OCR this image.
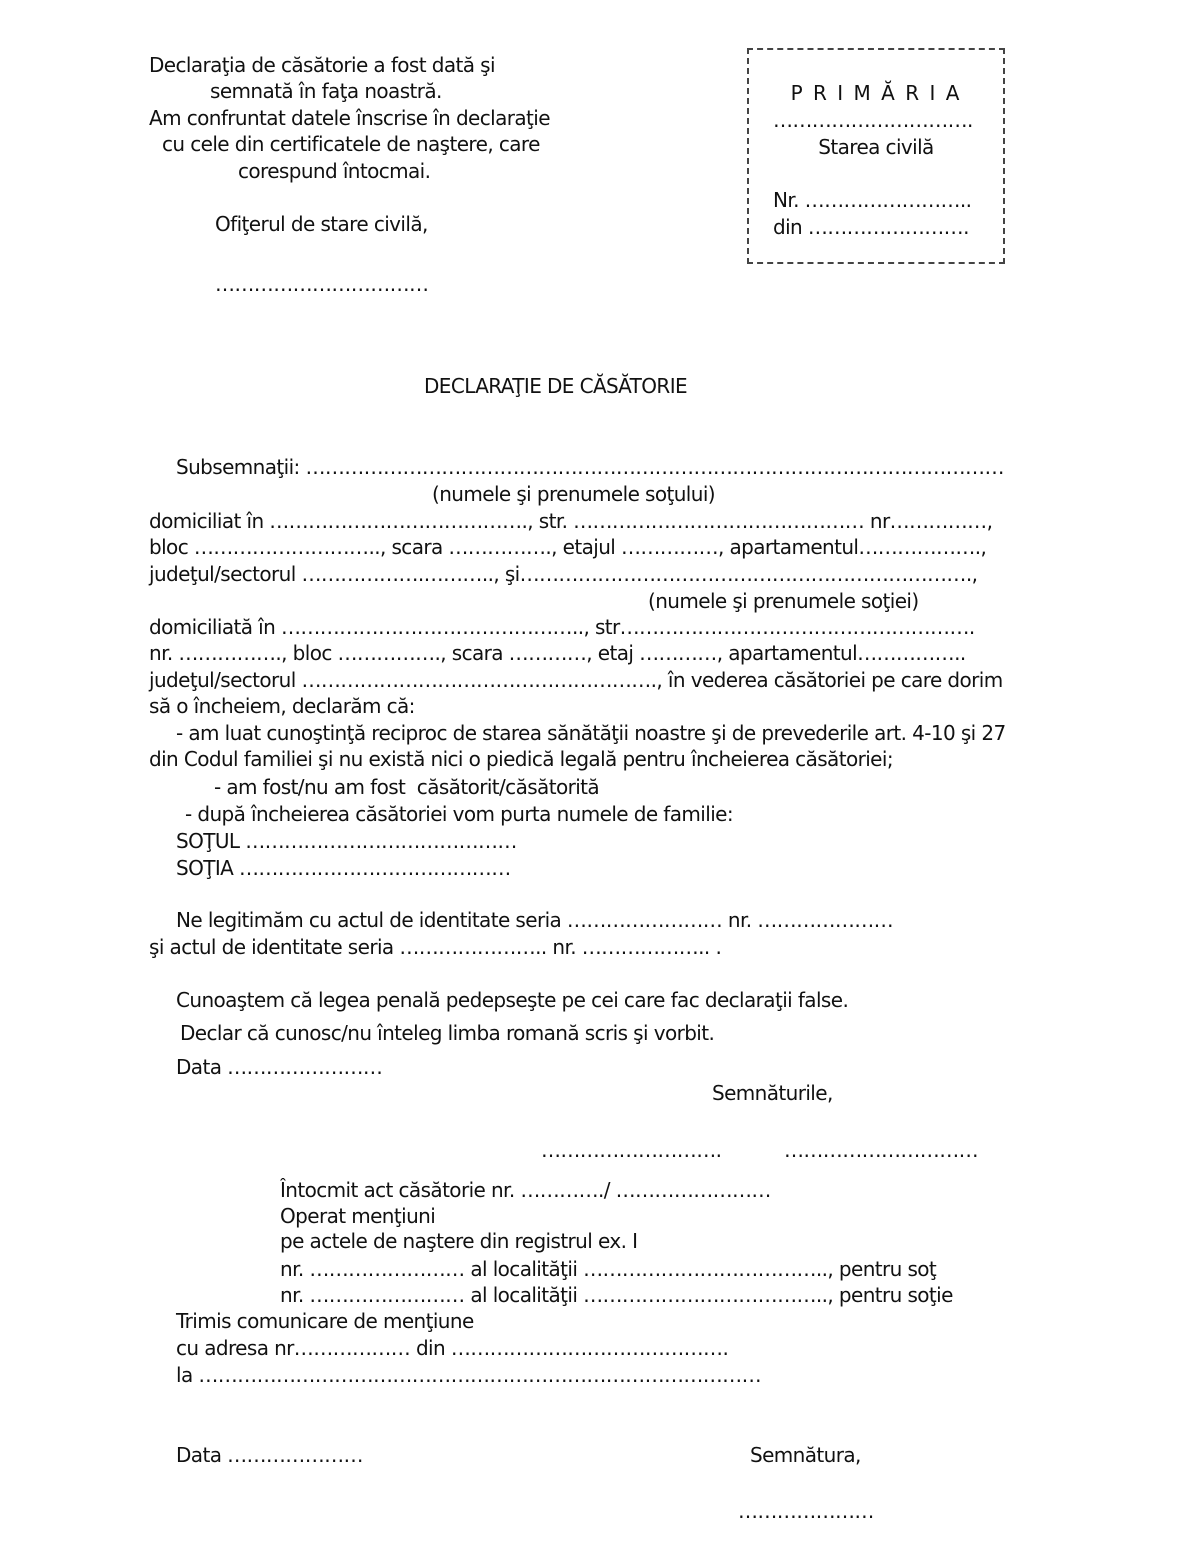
Declaraţia de căsătorie a fost dată şi
semnată în faţa noastră.
Am confruntat datele înscrise în declaraţie
cu cele din certificatele de naştere, care
corespund întocmai.
Ofiţerul de stare civilă,
……………………………
P R I M Ă R I A
………………………….
Starea civilă
Nr. ……………………..
din …………………….
DECLARAŢIE DE CĂSĂTORIE
Subsemnaţii: ………………………………………………………………………………………………
(numele şi prenumele soţului)
domiciliat în …………………………………., str. ……………………………………… nr……………,
bloc ……………………….., scara ……………., etajul ……………, apartamentul……………….,
judeţul/sectorul ……………….……….., şi…………………………………………………………….,
(numele şi prenumele soţiei)
domiciliată în ……………………………………….., str……………………………………………….
nr. ……………., bloc ……………., scara …………, etaj …………, apartamentul……………..
judeţul/sectorul ………………………………………………., în vederea căsătoriei pe care dorim
să o încheiem, declarăm că:
- am luat cunoştinţă reciproc de starea sănătăţii noastre şi de prevederile art. 4-10 şi 27
din Codul familiei şi nu există nici o piedică legală pentru încheierea căsătoriei;
- am fost/nu am fost  căsătorit/căsătorită
- după încheierea căsătoriei vom purta numele de familie:
SOŢUL ……………………………………
SOŢIA ……………………………………
Ne legitimăm cu actul de identitate seria …………………… nr. …………………
şi actul de identitate seria ………………….. nr. ……………….. .
Cunoaştem că legea penală pedepseşte pe cei care fac declaraţii false.
Declar că cunosc/nu înteleg limba romană scris şi vorbit.
Data ……………………
Semnăturile,
……………………….	…………………………
Întocmit act căsătorie nr. …………./ ……………………
Operat menţiuni
pe actele de naştere din registrul ex. I
nr. …………………… al localităţii ……………………………….., pentru soţ
nr. …………………… al localităţii ……………………………….., pentru soţie
Trimis comunicare de menţiune
cu adresa nr……………… din …………………………………….
la ……………………………………………………………………………
Data …………………	Semnătura,
…………………
